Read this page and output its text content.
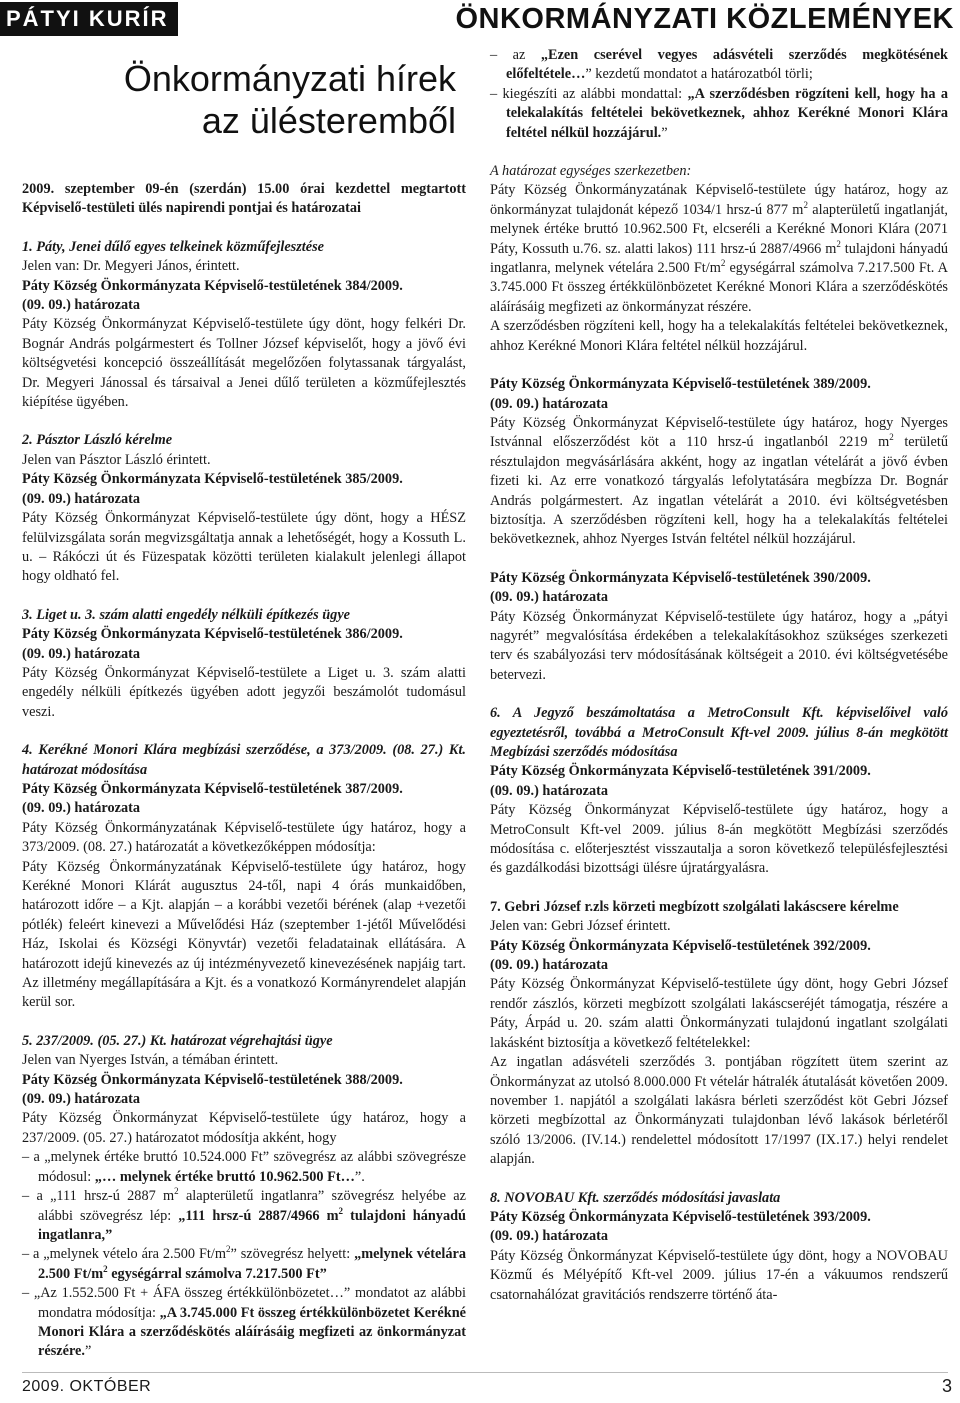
PÁTYI KURÍR	ÖNKORMÁNYZATI KÖZLEMÉNYEK
Önkormányzati hírek
az ülésteremből

2009. szeptember 09-én (szerdán) 15.00 órai kezdettel megtartott Képviselő-testületi ülés napirendi pontjai és határozatai

1. Páty, Jenei dűlő egyes telkeinek közműfejlesztése

Jelen van: Dr. Megyeri János, érintett.

Páty Község Önkormányzata Képviselő-testületének 384/2009.

(09. 09.) határozata

Páty Község Önkormányzat Képviselő-testülete úgy dönt, hogy felkéri Dr. Bognár András polgármestert és Tollner József képviselőt, hogy a jövő évi költségvetési koncepció összeállítását megelőzően folytassanak tárgyalást, Dr. Megyeri Jánossal és társaival a Jenei dűlő területen a közműfejlesztés kiépítése ügyében.

2. Pásztor László kérelme

Jelen van Pásztor László érintett.

Páty Község Önkormányzata Képviselő-testületének 385/2009.

(09. 09.) határozata

Páty Község Önkormányzat Képviselő-testülete úgy dönt, hogy a HÉSZ felülvizsgálata során megvizsgáltatja annak a lehetőségét, hogy a Kossuth L. u. – Rákóczi út és Füzespatak közötti területen kialakult jelenlegi állapot hogy oldható fel.

3. Liget u. 3. szám alatti engedély nélküli építkezés ügye

Páty Község Önkormányzata Képviselő-testületének 386/2009.

(09. 09.) határozata

Páty Község Önkormányzat Képviselő-testülete a Liget u. 3. szám alatti engedély nélküli építkezés ügyében adott jegyzői beszámolót tudomásul veszi.

4. Kerékné Monori Klára megbízási szerződése, a 373/2009. (08. 27.) Kt. határozat módosítása

Páty Község Önkormányzata Képviselő-testületének 387/2009.

(09. 09.) határozata

Páty Község Önkormányzatának Képviselő-testülete úgy határoz, hogy a 373/2009. (08. 27.) határozatát a következőképpen módosítja:

Páty Község Önkormányzatának Képviselő-testülete úgy határoz, hogy Kerékné Monori Klárát augusztus 24-től, napi 4 órás munkaidőben, határozott időre – a Kjt. alapján – a korábbi vezetői bérének (alap +vezetői pótlék) feleért kinevezi a Művelődési Ház (szeptember 1-jétől Művelődési Ház, Iskolai és Községi Könyvtár) vezetői feladatainak ellátására. A határozott idejű kinevezés az új intézményvezető kinevezésének napjáig tart. Az illetmény megállapítására a Kjt. és a vonatkozó Kormányrendelet alapján kerül sor.

5. 237/2009. (05. 27.) Kt. határozat végrehajtási ügye

Jelen van Nyerges István, a témában érintett.

Páty Község Önkormányzata Képviselő-testületének 388/2009.

(09. 09.) határozata

Páty Község Önkormányzat Képviselő-testülete úgy határoz, hogy a 237/2009. (05. 27.) határozatot módosítja akként, hogy

– a „melynek értéke bruttó 10.524.000 Ft” szövegrész az alábbi szövegrésze módosul: „… melynek értéke bruttó 10.962.500 Ft…”.

– a „111 hrsz-ú 2887 $m^2$ alapterületű ingatlanra” szövegrész helyébe az alábbi szövegrész lép: „111 hrsz-ú 2887/4966 $m^2$ tulajdoni hányadú ingatlanra,”

– a „melynek vételo ára 2.500 $Ft/m^2$” szövegrész helyett: „melynek vételára 2.500 $Ft/m^2$ egységárral számolva 7.217.500 Ft”

– „Az 1.552.500 Ft + ÁFA összeg értékkülönbözetet…” mondatot az alábbi mondatra módosítja: „A 3.745.000 Ft összeg értékkülönbözetet Kerékné Monori Klára a szerződéskötés aláírásáig megfizeti az önkormányzat részére.”

– az „Ezen cserével vegyes adásvételi szerződés megkötésének előfeltétele…” kezdetű mondatot a határozatból törli;

– kiegészíti az alábbi mondattal: „A szerződésben rögzíteni kell, hogy ha a telekalakítás feltételei bekövetkeznek, ahhoz Kerékné Monori Klára feltétel nélkül hozzájárul.”

A határozat egységes szerkezetben:

Páty Község Önkormányzatának Képviselő-testülete úgy határoz, hogy az önkormányzat tulajdonát képező 1034/1 hrsz-ú 877 $m^2$ alapterületű ingatlanját, melynek értéke bruttó 10.962.500 Ft, elcseréli a Kerékné Monori Klára (2071 Páty, Kossuth u.76. sz. alatti lakos) 111 hrsz-ú 2887/4966 $m^2$ tulajdoni hányadú ingatlanra, melynek vételára 2.500 $Ft/m^2$ egységárral számolva 7.217.500 Ft. A 3.745.000 Ft összeg értékkülönbözetet Kerékné Monori Klára a szerződéskötés aláírásáig megfizeti az önkormányzat részére.

A szerződésben rögzíteni kell, hogy ha a telekalakítás feltételei bekövetkeznek, ahhoz Kerékné Monori Klára feltétel nélkül hozzájárul.

Páty Község Önkormányzata Képviselő-testületének 389/2009.

(09. 09.) határozata

Páty Község Önkormányzat Képviselő-testülete úgy határoz, hogy Nyerges Istvánnal előszerződést köt a 110 hrsz-ú ingatlanból 2219 $m^2$ területű résztulajdon megvásárlására akként, hogy az ingatlan vételárát a jövő évben fizeti ki. Az erre vonatkozó tárgyalás lefolytatására megbízza Dr. Bognár András polgármestert. Az ingatlan vételárát a 2010. évi költségvetésben biztosítja. A szerződésben rögzíteni kell, hogy ha a telekalakítás feltételei bekövetkeznek, ahhoz Nyerges István feltétel nélkül hozzájárul.

Páty Község Önkormányzata Képviselő-testületének 390/2009.

(09. 09.) határozata

Páty Község Önkormányzat Képviselő-testülete úgy határoz, hogy a „pátyi nagyrét” megvalósítása érdekében a telekalakításokhoz szükséges szerkezeti terv és szabályozási terv módosításának költségeit a 2010. évi költségvetésébe betervezi.

6. A Jegyző beszámoltatása a MetroConsult Kft. képviselőivel való egyeztetésről, továbbá a MetroConsult Kft-vel 2009. július 8-án megkötött Megbízási szerződés módosítása

Páty Község Önkormányzata Képviselő-testületének 391/2009.

(09. 09.) határozata

Páty Község Önkormányzat Képviselő-testülete úgy határoz, hogy a MetroConsult Kft-vel 2009. július 8-án megkötött Megbízási szerződés módosítása c. előterjesztést visszautalja a soron következő településfejlesztési és gazdálkodási bizottsági ülésre újratárgyalásra.

7. Gebri József r.zls körzeti megbízott szolgálati lakáscsere kérelme

Jelen van: Gebri József érintett.

Páty Község Önkormányzata Képviselő-testületének 392/2009.

(09. 09.) határozata

Páty Község Önkormányzat Képviselő-testülete úgy dönt, hogy Gebri József rendőr zászlós, körzeti megbízott szolgálati lakáscseréjét támogatja, részére a Páty, Árpád u. 20. szám alatti Önkormányzati tulajdonú ingatlant szolgálati lakásként biztosítja a következő feltételekkel:

Az ingatlan adásvételi szerződés 3. pontjában rögzített ütem szerint az Önkormányzat az utolsó 8.000.000 Ft vételár hátralék átutalását követően 2009. november 1. napjától a szolgálati lakásra bérleti szerződést köt Gebri József körzeti megbízottal az Önkormányzati tulajdonban lévő lakások bérletéről szóló 13/2006. (IV.14.) rendelettel módosított 17/1997 (IX.17.) helyi rendelet alapján.

8. NOVOBAU Kft. szerződés módosítási javaslata

Páty Község Önkormányzata Képviselő-testületének 393/2009.

(09. 09.) határozata

Páty Község Önkormányzat Képviselő-testülete úgy dönt, hogy a NOVOBAU Közmű és Mélyépítő Kft-vel 2009. július 17-én a vákuumos rendszerű csatornahálózat gravitációs rendszerre történő áta-

2009. OKTÓBER	3
